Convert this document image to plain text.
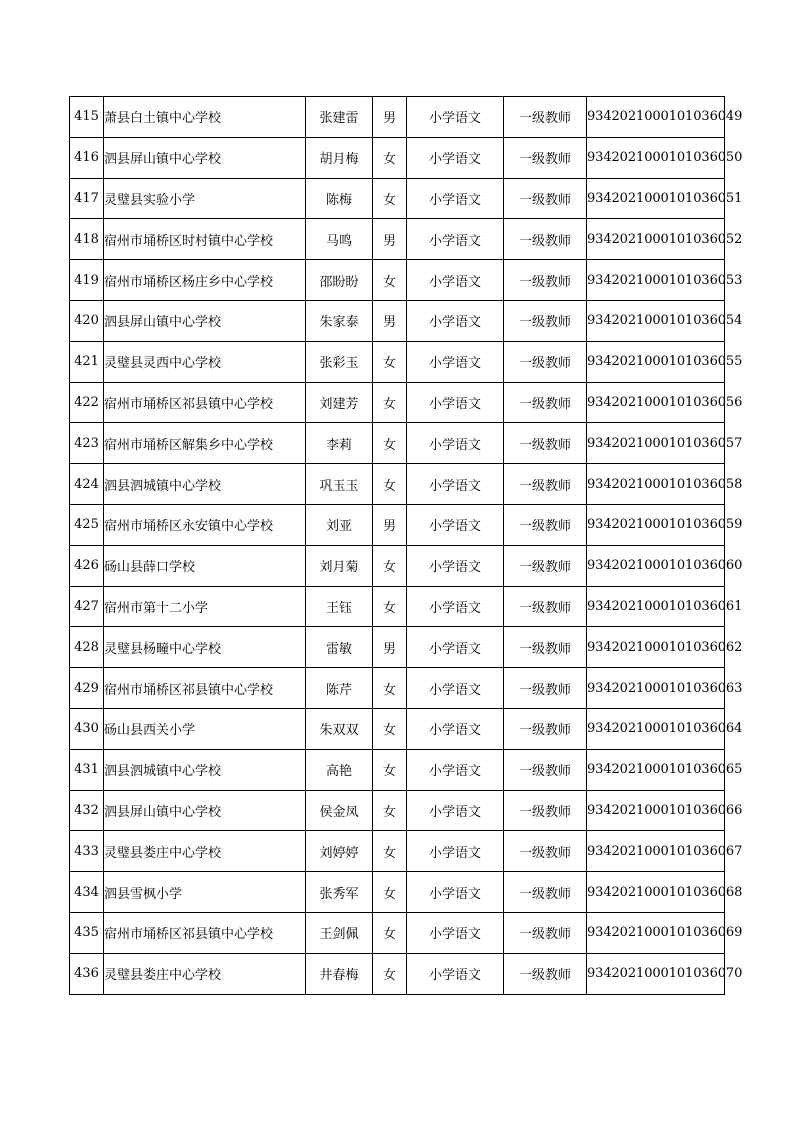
415	萧县白土镇中心学校	张建雷	男	小学语文	一级教师	9342021000101036049
416	泗县屏山镇中心学校	胡月梅	女	小学语文	一级教师	9342021000101036050
417	灵璧县实验小学	陈梅	女	小学语文	一级教师	9342021000101036051
418	宿州市埇桥区时村镇中心学校	马鸣	男	小学语文	一级教师	9342021000101036052
419	宿州市埇桥区杨庄乡中心学校	邵盼盼	女	小学语文	一级教师	9342021000101036053
420	泗县屏山镇中心学校	朱家泰	男	小学语文	一级教师	9342021000101036054
421	灵璧县灵西中心学校	张彩玉	女	小学语文	一级教师	9342021000101036055
422	宿州市埇桥区祁县镇中心学校	刘建芳	女	小学语文	一级教师	9342021000101036056
423	宿州市埇桥区解集乡中心学校	李莉	女	小学语文	一级教师	9342021000101036057
424	泗县泗城镇中心学校	巩玉玉	女	小学语文	一级教师	9342021000101036058
425	宿州市埇桥区永安镇中心学校	刘亚	男	小学语文	一级教师	9342021000101036059
426	砀山县薛口学校	刘月菊	女	小学语文	一级教师	9342021000101036060
427	宿州市第十二小学	王钰	女	小学语文	一级教师	9342021000101036061
428	灵璧县杨疃中心学校	雷敏	男	小学语文	一级教师	9342021000101036062
429	宿州市埇桥区祁县镇中心学校	陈芹	女	小学语文	一级教师	9342021000101036063
430	砀山县西关小学	朱双双	女	小学语文	一级教师	9342021000101036064
431	泗县泗城镇中心学校	高艳	女	小学语文	一级教师	9342021000101036065
432	泗县屏山镇中心学校	侯金凤	女	小学语文	一级教师	9342021000101036066
433	灵璧县娄庄中心学校	刘婷婷	女	小学语文	一级教师	9342021000101036067
434	泗县雪枫小学	张秀军	女	小学语文	一级教师	9342021000101036068
435	宿州市埇桥区祁县镇中心学校	王剑佩	女	小学语文	一级教师	9342021000101036069
436	灵璧县娄庄中心学校	井春梅	女	小学语文	一级教师	9342021000101036070
